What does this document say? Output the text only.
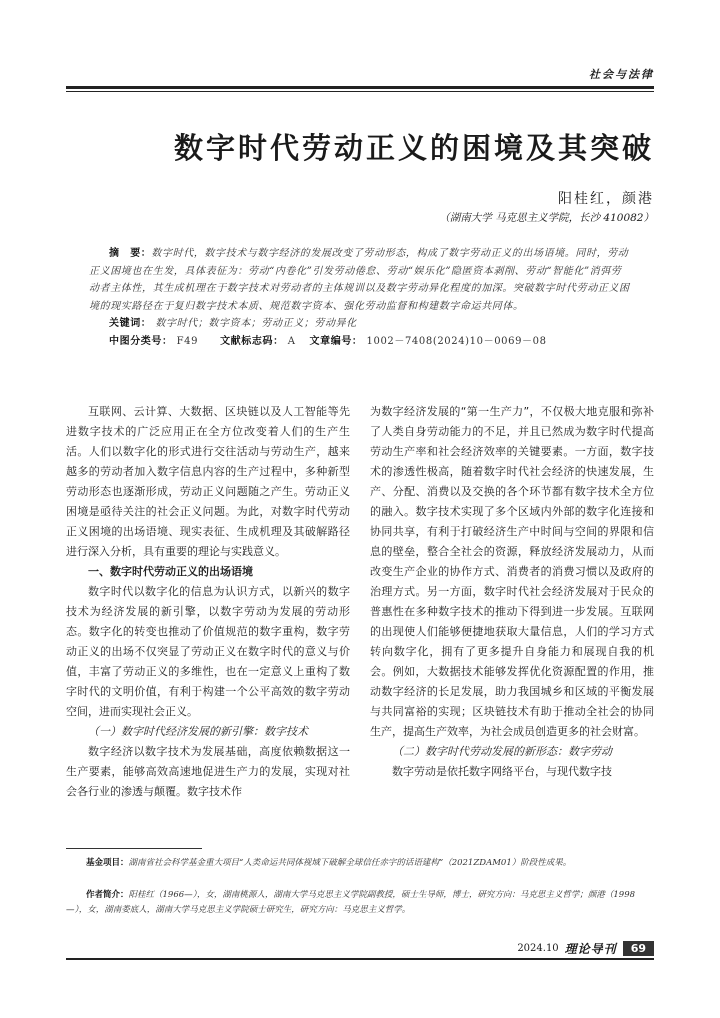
社会与法律
数字时代劳动正义的困境及其突破
阳桂红，颜港
（湖南大学 马克思主义学院，长沙 410082）

摘　要：数字时代，数字技术与数字经济的发展改变了劳动形态，构成了数字劳动正义的出场语境。同时，劳动正义困境也在生发，具体表征为：劳动“内卷化”引发劳动倦怠、劳动“娱乐化”隐匿资本剥削、劳动“智能化”消弭劳动者主体性，其生成机理在于数字技术对劳动者的主体规训以及数字劳动异化程度的加深。突破数字时代劳动正义困境的现实路径在于复归数字技术本质、规范数字资本、强化劳动监督和构建数字命运共同体。

关键词： 数字时代；数字资本；劳动正义；劳动异化

中图分类号： F49 文献标志码： A 文章编号： 1002－7408(2024)10－0069－08

互联网、云计算、大数据、区块链以及人工智能等先进数字技术的广泛应用正在全方位改变着人们的生产生活。人们以数字化的形式进行交往活动与劳动生产，越来越多的劳动者加入数字信息内容的生产过程中，多种新型劳动形态也逐渐形成，劳动正义问题随之产生。劳动正义困境是亟待关注的社会正义问题。为此，对数字时代劳动正义困境的出场语境、现实表征、生成机理及其破解路径进行深入分析，具有重要的理论与实践意义。

一、数字时代劳动正义的出场语境

数字时代以数字化的信息为认识方式，以新兴的数字技术为经济发展的新引擎，以数字劳动为发展的劳动形态。数字化的转变也推动了价值规范的数字重构，数字劳动正义的出场不仅突显了劳动正义在数字时代的意义与价值，丰富了劳动正义的多维性，也在一定意义上重构了数字时代的文明价值，有利于构建一个公平高效的数字劳动空间，进而实现社会正义。

（一）数字时代经济发展的新引擎：数字技术

数字经济以数字技术为发展基础，高度依赖数据这一生产要素，能够高效高速地促进生产力的发展，实现对社会各行业的渗透与颠覆。数字技术作

为数字经济发展的“第一生产力”，不仅极大地克服和弥补了人类自身劳动能力的不足，并且已然成为数字时代提高劳动生产率和社会经济效率的关键要素。一方面，数字技术的渗透性极高，随着数字时代社会经济的快速发展，生产、分配、消费以及交换的各个环节都有数字技术全方位的融入。数字技术实现了多个区域内外部的数字化连接和协同共享，有利于打破经济生产中时间与空间的界限和信息的壁垒，整合全社会的资源，释放经济发展动力，从而改变生产企业的协作方式、消费者的消费习惯以及政府的治理方式。另一方面，数字时代社会经济发展对于民众的普惠性在多种数字技术的推动下得到进一步发展。互联网的出现使人们能够便捷地获取大量信息，人们的学习方式转向数字化，拥有了更多提升自身能力和展现自我的机会。例如，大数据技术能够发挥优化资源配置的作用，推动数字经济的长足发展，助力我国城乡和区域的平衡发展与共同富裕的实现；区块链技术有助于推动全社会的协同生产，提高生产效率，为社会成员创造更多的社会财富。

（二）数字时代劳动发展的新形态：数字劳动

数字劳动是依托数字网络平台，与现代数字技

基金项目：湖南省社会科学基金重大项目“人类命运共同体视域下破解全球信任赤字的话语建构”（2021ZDAM01）阶段性成果。
作者简介：阳桂红（1966—），女，湖南桃源人，湖南大学马克思主义学院副教授，硕士生导师，博士，研究方向：马克思主义哲学；颜港（1998—），女，湖南娄底人，湖南大学马克思主义学院硕士研究生，研究方向：马克思主义哲学。
2024.10 理论导刊	69
